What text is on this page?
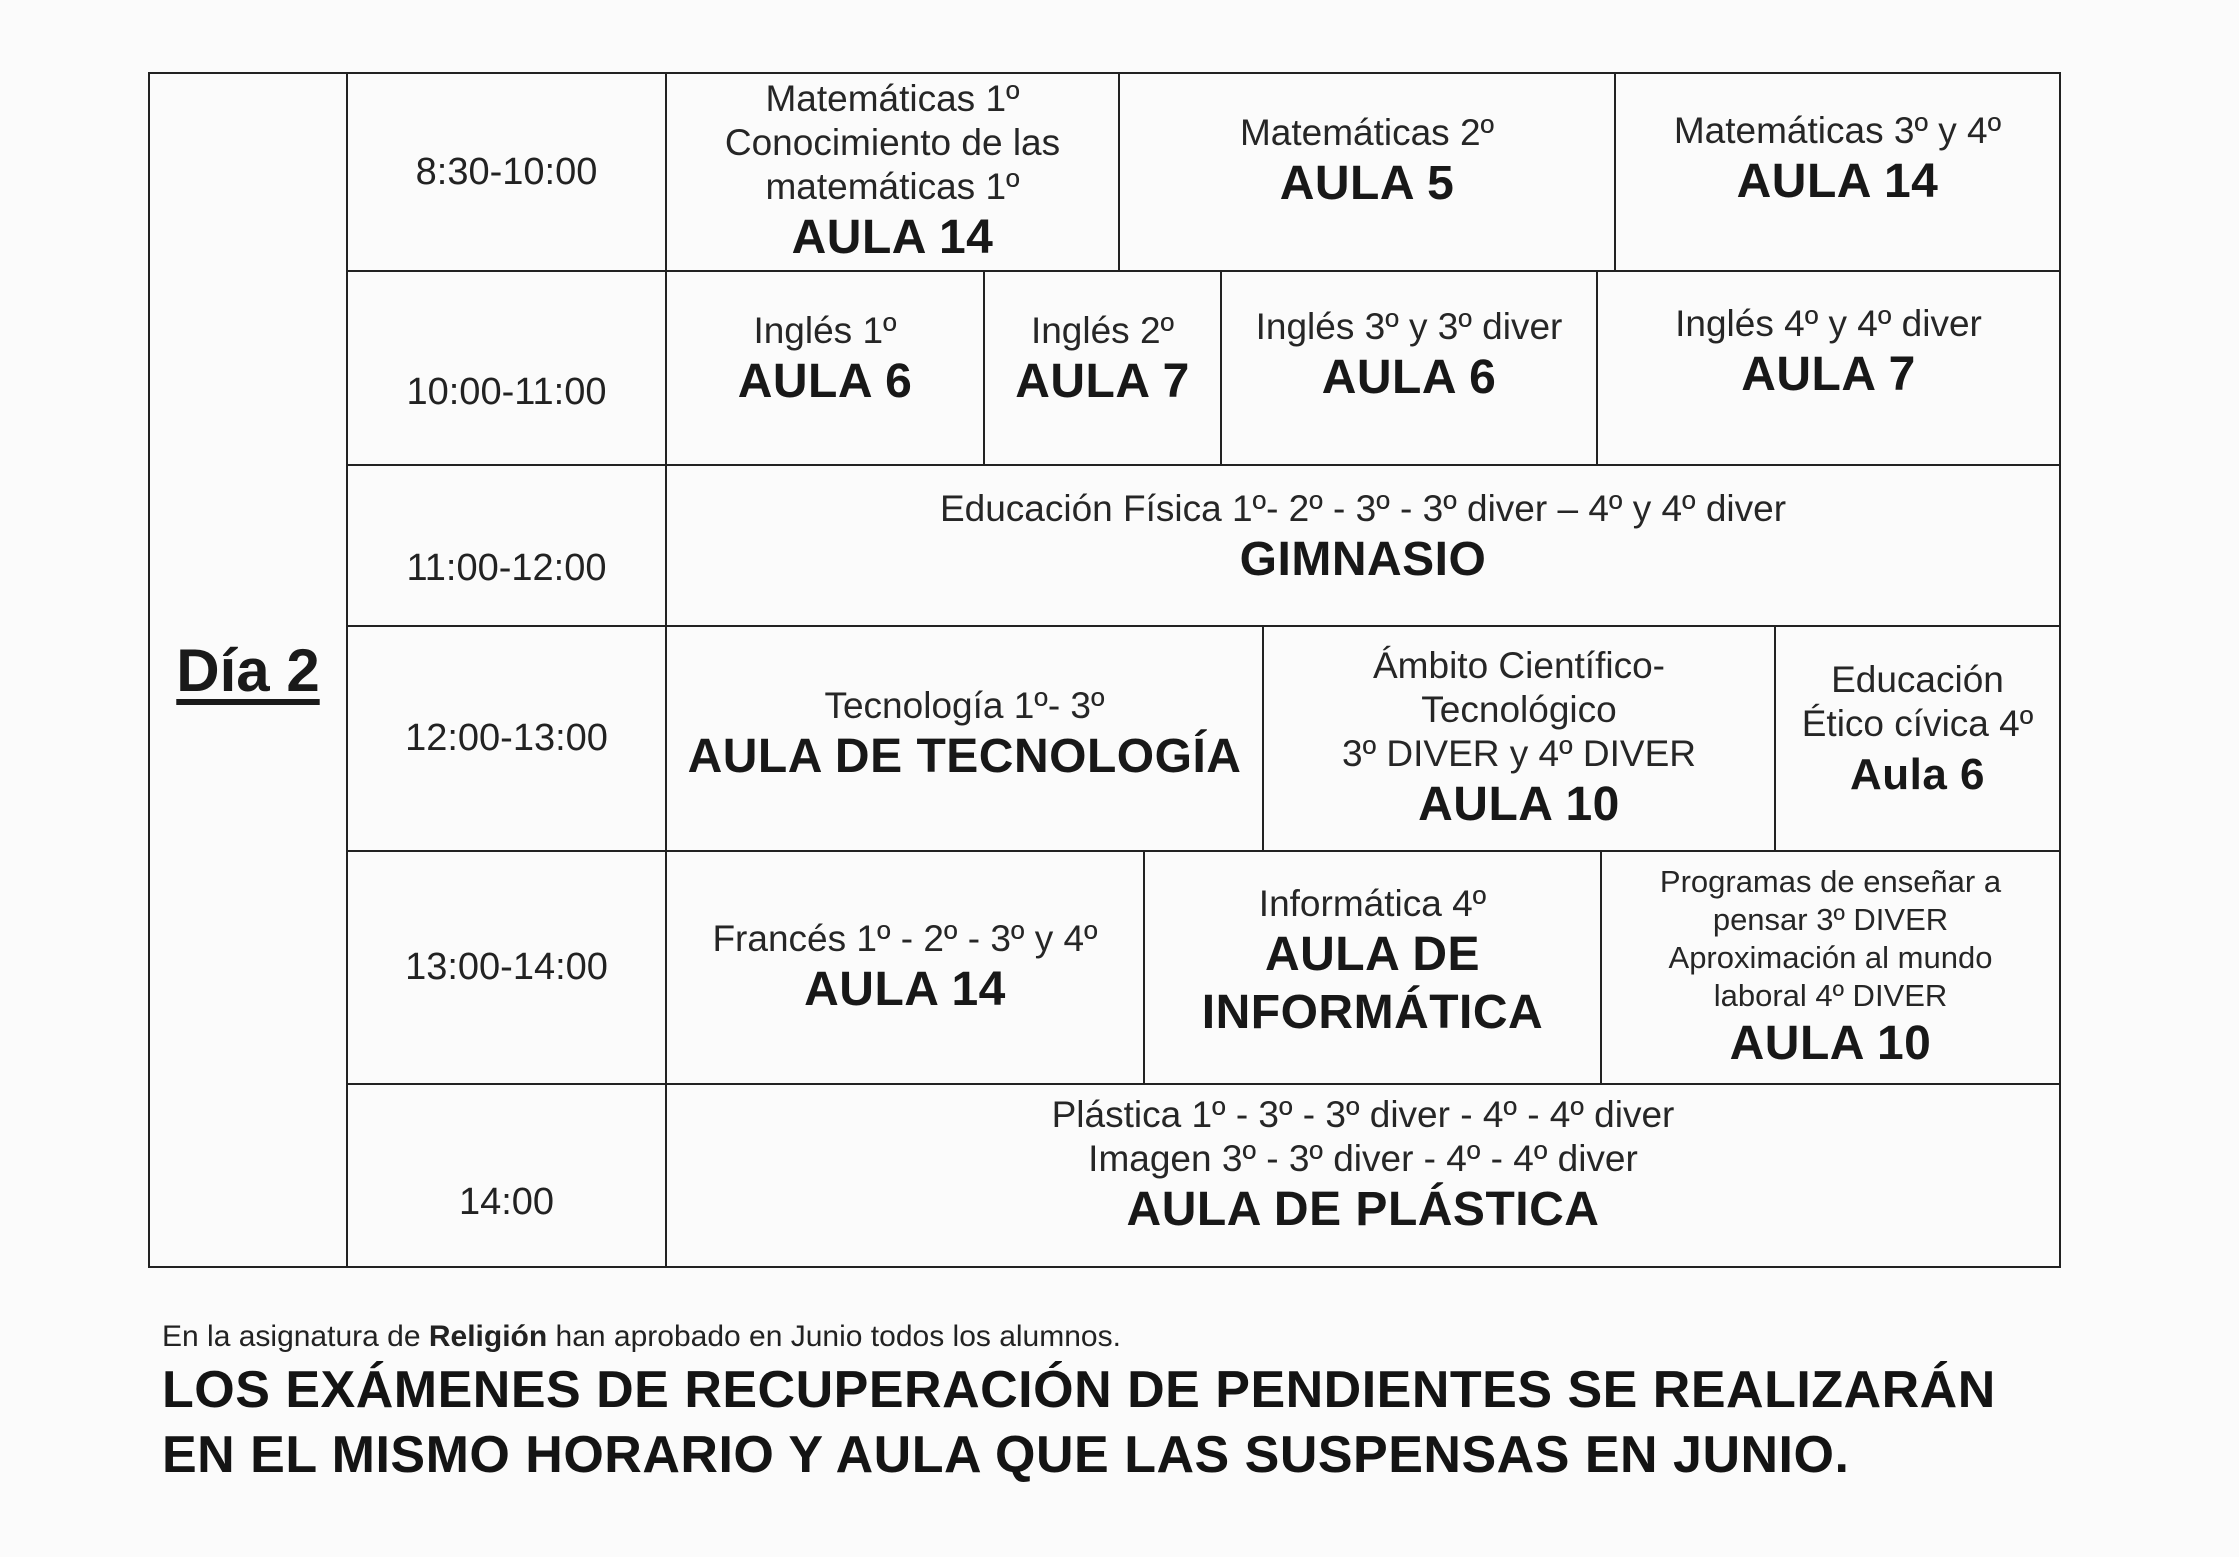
Día 2
8:30-10:00
10:00-11:00
11:00-12:00
12:00-13:00
13:00-14:00
14:00
Matemáticas 1º
Conocimiento de las
matemáticas 1º
AULA 14
Matemáticas 2º
AULA 5
Matemáticas 3º y 4º
AULA 14
Inglés 1º
AULA 6
Inglés 2º
AULA 7
Inglés 3º y 3º diver
AULA 6
Inglés 4º y 4º diver
AULA 7
Educación Física 1º- 2º - 3º - 3º diver – 4º y 4º diver
GIMNASIO
Tecnología 1º- 3º
AULA DE TECNOLOGÍA
Ámbito Científico-
Tecnológico
3º DIVER y 4º DIVER
AULA 10
Educación
Ético cívica 4º
Aula 6
Francés 1º - 2º - 3º y 4º
AULA 14
Informática 4º
AULA DE
INFORMÁTICA
Programas de enseñar a
pensar 3º DIVER
Aproximación al mundo
laboral 4º DIVER
AULA 10
Plástica 1º - 3º - 3º diver - 4º - 4º diver
Imagen 3º - 3º diver - 4º - 4º diver
AULA DE PLÁSTICA
En la asignatura de Religión han aprobado en Junio todos los alumnos.
LOS EXÁMENES DE RECUPERACIÓN DE PENDIENTES SE REALIZARÁN
EN EL MISMO HORARIO Y AULA QUE LAS SUSPENSAS EN JUNIO.
